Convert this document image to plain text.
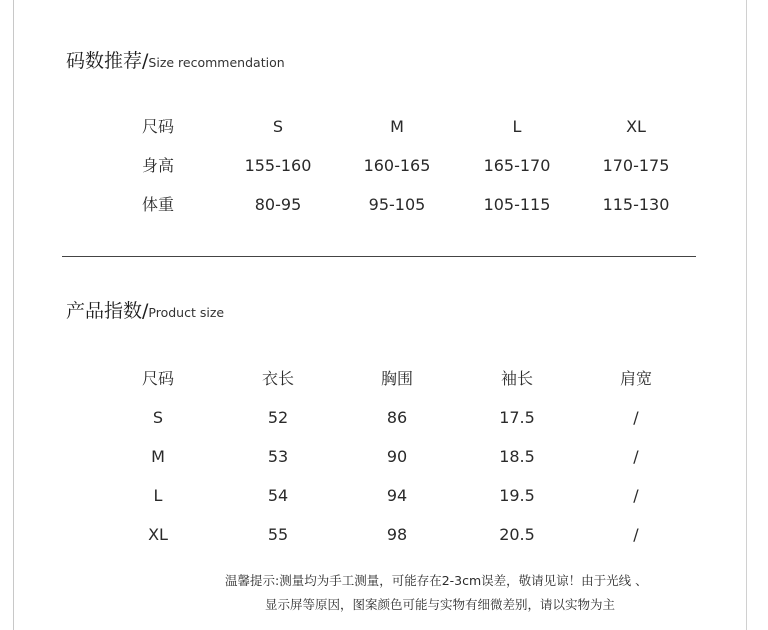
码数推荐/Size recommendation
尺码	S	M	L	XL
身高	155-160	160-165	165-170	170-175
体重	80-95	95-105	105-115	115-130
产品指数/Product size
尺码	衣长	胸围	袖长	肩宽
S	52	86	17.5	/
M	53	90	18.5	/
L	54	94	19.5	/
XL	55	98	20.5	/
温馨提示:测量均为手工测量，可能存在2-3cm误差，敬请见谅！由于光线 、
显示屏等原因，图案颜色可能与实物有细微差别，请以实物为主
